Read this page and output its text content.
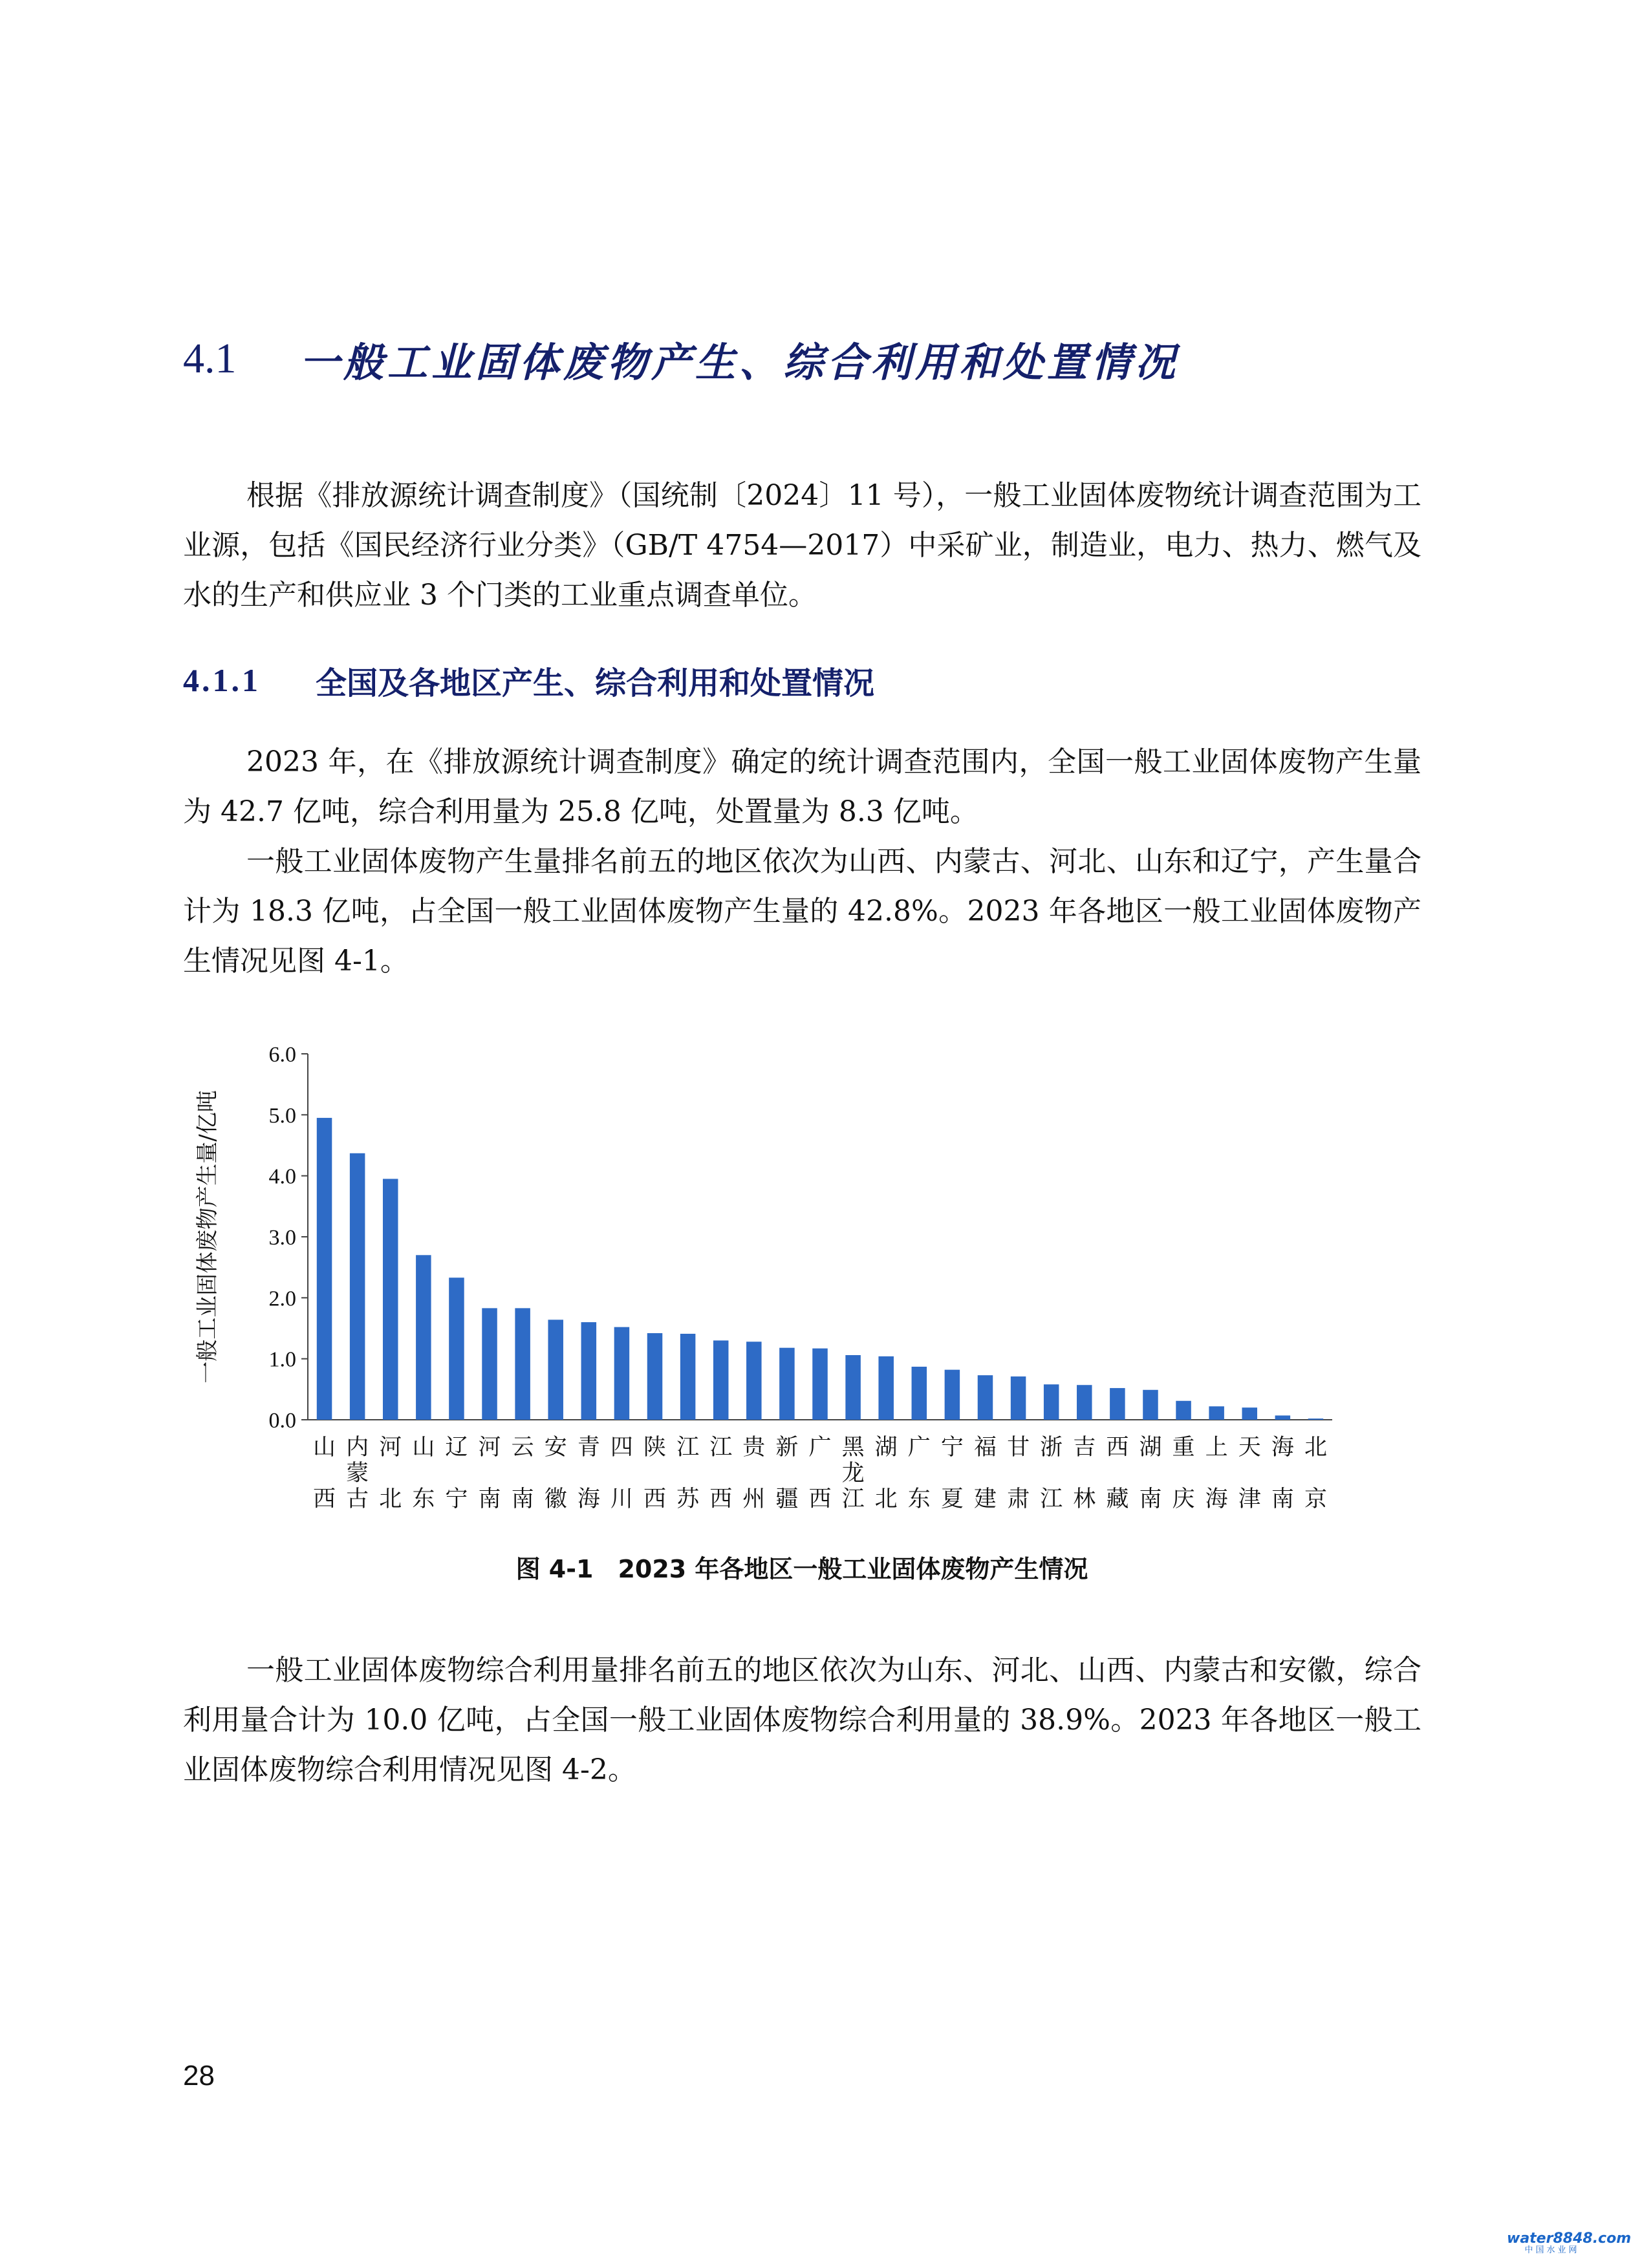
4.1	一般工业固体废物产生、综合利用和处置情况

根据《排放源统计调查制度》（国统制〔2024〕11 号），一般工业固体废物统计调查范围为工业源，包括《国民经济行业分类》（GB/T 4754—2017）中采矿业，制造业，电力、热力、燃气及水的生产和供应业 3 个门类的工业重点调查单位。

4.1.1	全国及各地区产生、综合利用和处置情况

2023 年，在《排放源统计调查制度》确定的统计调查范围内，全国一般工业固体废物产生量为 42.7 亿吨，综合利用量为 25.8 亿吨，处置量为 8.3 亿吨。

一般工业固体废物产生量排名前五的地区依次为山西、内蒙古、河北、山东和辽宁，产生量合计为 18.3 亿吨，占全国一般工业固体废物产生量的 42.8%。2023 年各地区一般工业固体废物产生情况见图 4-1。

0.0
1.0
2.0
3.0
4.0
5.0
6.0
一般工业固体废物产生量/亿吨
山西
内蒙古
河北
山东
辽宁
河南
云南
安徽
青海
四川
陕西
江苏
江西
贵州
新疆
广西
黑龙江
湖北
广东
宁夏
福建
甘肃
浙江
吉林
西藏
湖南
重庆
上海
天津
海南
北京
图 4-1　2023 年各地区一般工业固体废物产生情况

一般工业固体废物综合利用量排名前五的地区依次为山东、河北、山西、内蒙古和安徽，综合利用量合计为 10.0 亿吨，占全国一般工业固体废物综合利用量的 38.9%。2023 年各地区一般工业固体废物综合利用情况见图 4-2。

28
water8848.com
中国水业网
